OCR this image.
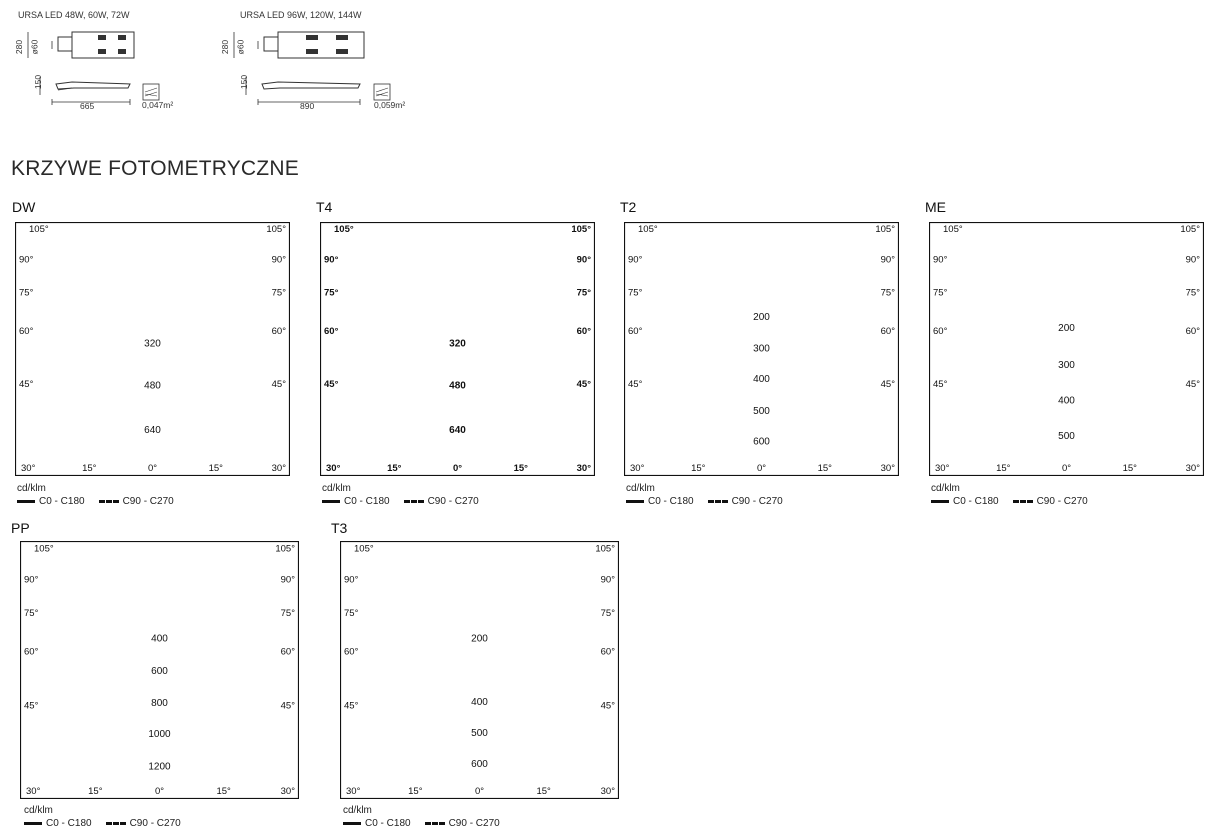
URSA LED 48W, 60W, 72W
280 ø60
150
665	0,047m²
URSA LED 96W, 120W, 144W
280 ø60
150
890	0,059m²
KRZYWE FOTOMETRYCZNE
DW	T4	T2	ME
PP	T3
105°	105°
90°	90°
75°	75°
60°	60°
45°	45°
30°	15°	0°	15°	30°
320
480
640
105°	105°
90°	90°
75°	75°
60°	60°
45°	45°
30°	15°	0°	15°	30°
320
480
640
105°	105°
90°	90°
75°	75°
60°	60°
45°	45°
30°	15°	0°	15°	30°
200
300
400
500
600
105°	105°
90°	90°
75°	75°
60°	60°
45°	45°
30°	15°	0°	15°	30°
200
300
400
500
105°	105°
90°	90°
75°	75°
60°	60°
45°	45°
30°	15°	0°	15°	30°
400
600
800
1000
1200
105°	105°
90°	90°
75°	75°
60°	60°
45°	45°
30°	15°	0°	15°	30°
200
400
500
600
cd/klm
C0 - C180	C90 - C270
cd/klm
C0 - C180	C90 - C270
cd/klm
C0 - C180	C90 - C270
cd/klm
C0 - C180	C90 - C270
cd/klm
C0 - C180	C90 - C270
cd/klm
C0 - C180	C90 - C270
